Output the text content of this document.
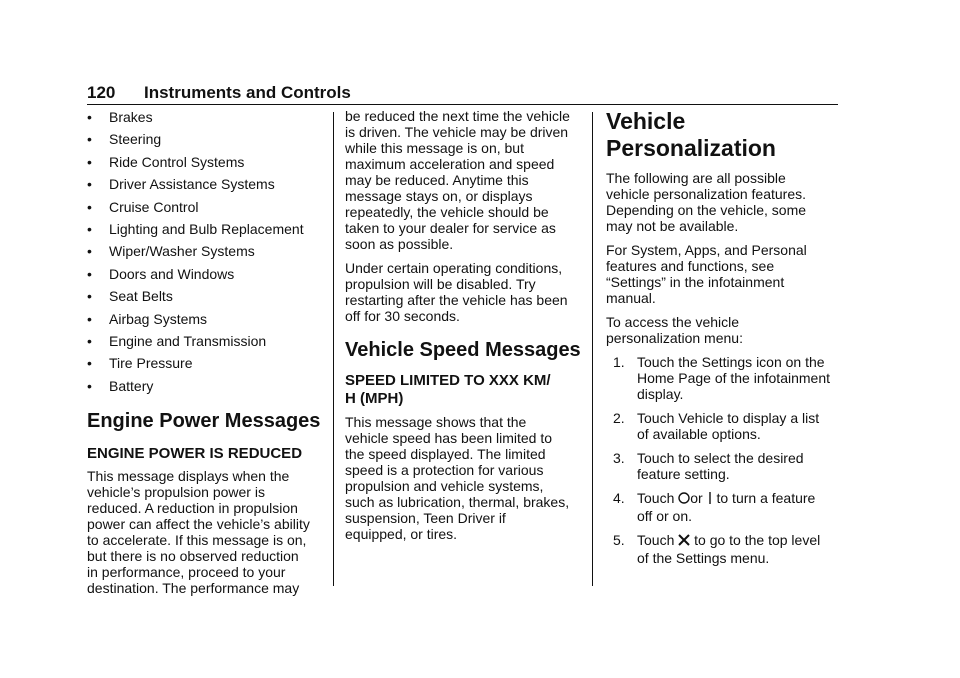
120 Instruments and Controls
• Brakes
• Steering
• Ride Control Systems
• Driver Assistance Systems
• Cruise Control
• Lighting and Bulb Replacement
• Wiper/Washer Systems
• Doors and Windows
• Seat Belts
• Airbag Systems
• Engine and Transmission
• Tire Pressure
• Battery
Engine Power Messages
ENGINE POWER IS REDUCED

This message displays when the
vehicle’s propulsion power is
reduced. A reduction in propulsion
power can affect the vehicle’s ability
to accelerate. If this message is on,
but there is no observed reduction
in performance, proceed to your
destination. The performance may

be reduced the next time the vehicle
is driven. The vehicle may be driven
while this message is on, but
maximum acceleration and speed
may be reduced. Anytime this
message stays on, or displays
repeatedly, the vehicle should be
taken to your dealer for service as
soon as possible.

Under certain operating conditions,
propulsion will be disabled. Try
restarting after the vehicle has been
off for 30 seconds.

Vehicle Speed Messages
SPEED LIMITED TO XXX KM/
H (MPH)

This message shows that the
vehicle speed has been limited to
the speed displayed. The limited
speed is a protection for various
propulsion and vehicle systems,
such as lubrication, thermal, brakes,
suspension, Teen Driver if
equipped, or tires.

Vehicle
Personalization

The following are all possible
vehicle personalization features.
Depending on the vehicle, some
may not be available.

For System, Apps, and Personal
features and functions, see
“Settings” in the infotainment
manual.

To access the vehicle
personalization menu:

1. Touch the Settings icon on the
Home Page of the infotainment
display.
2. Touch Vehicle to display a list
of available options.
3. Touch to select the desired
feature setting.
4. Touch or  to turn a feature
off or on.
5. Touch  to go to the top level
of the Settings menu.
